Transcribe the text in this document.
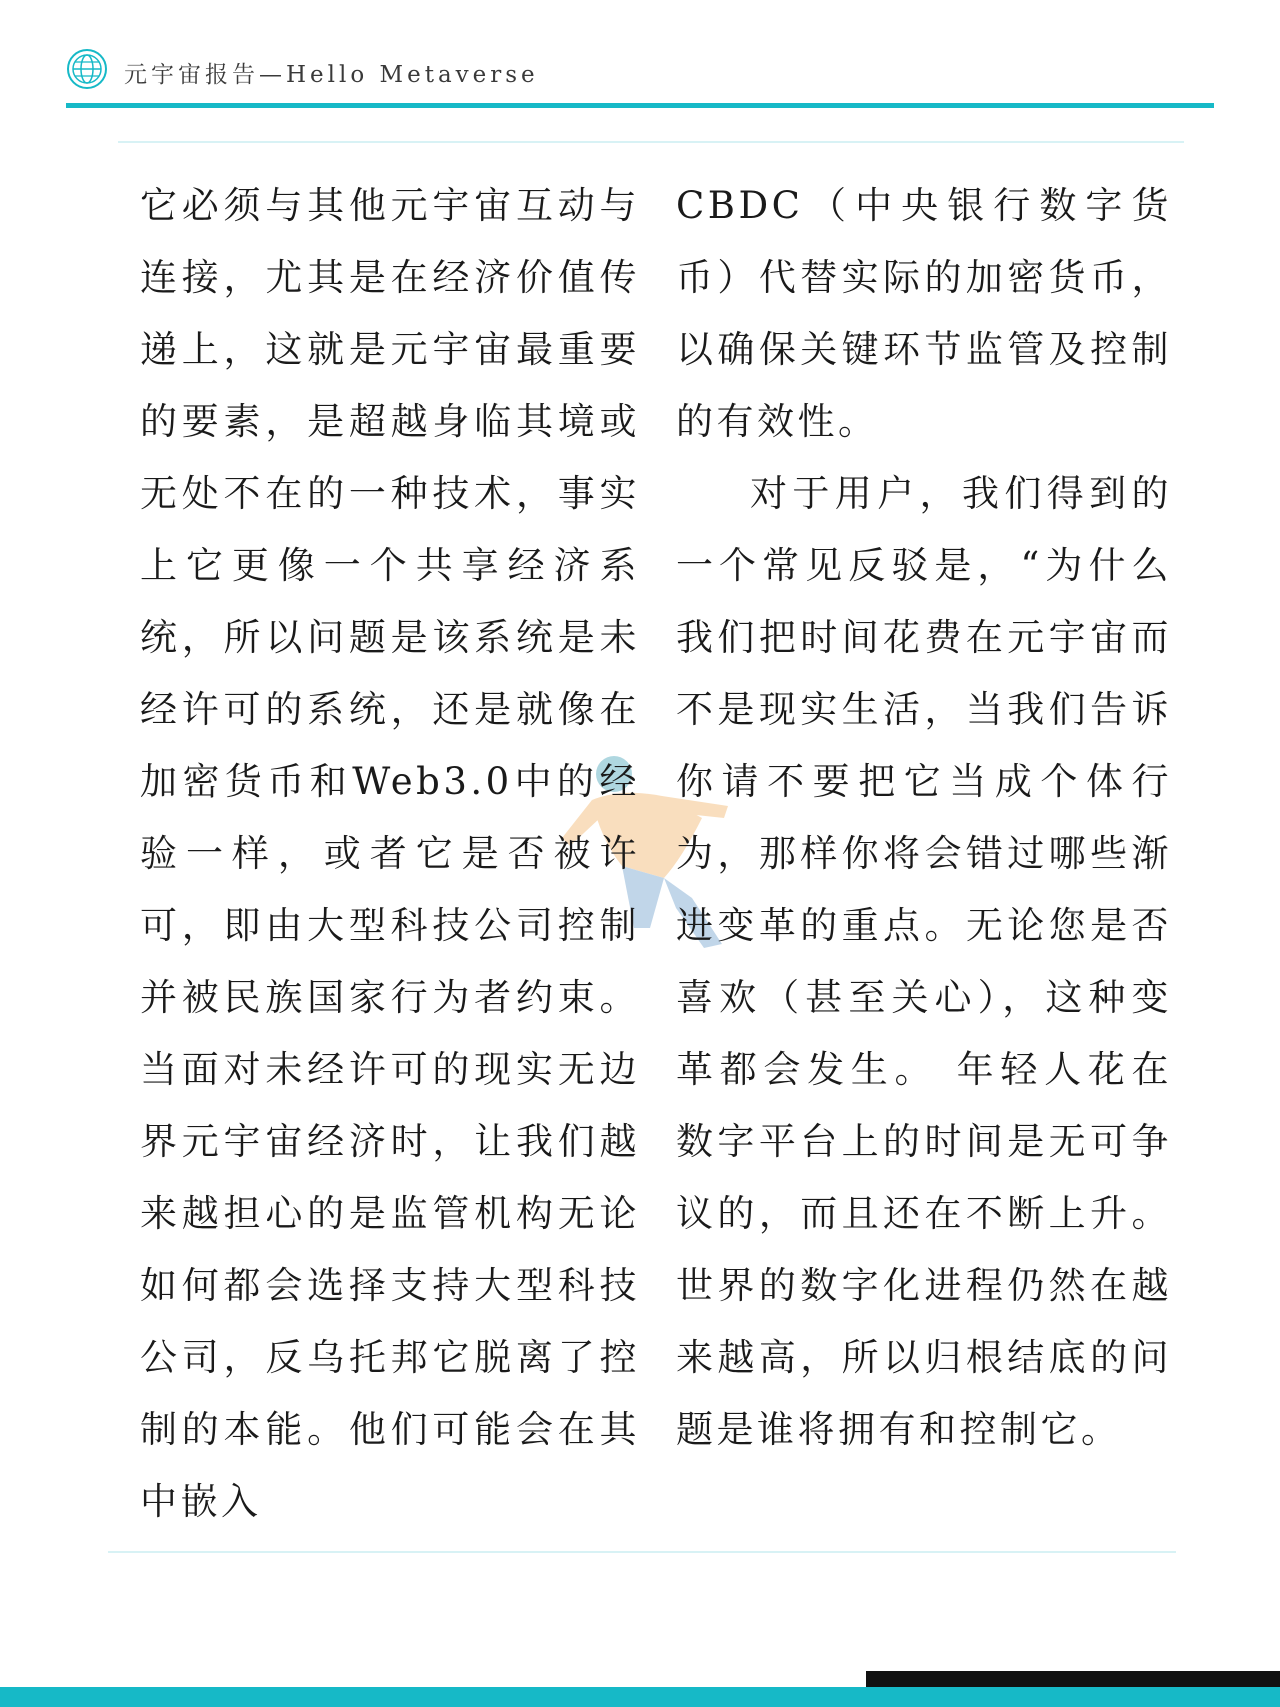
元宇宙报告—Hello Metaverse

它必须与其他元宇宙互动与连接，尤其是在经济价值传递上，这就是元宇宙最重要的要素，是超越身临其境或无处不在的一种技术，事实上它更像一个共享经济系统，所以问题是该系统是未经许可的系统，还是就像在 加密货币和Web3.0中的经验一样，或者它是否被许可，即由大型科技公司控制并被民族国家行为者约束。当面对未经许可的现实无边界元宇宙经济时，让我们越来越担心的是监管机构无论如何都会选择支持大型科技公司，反乌托邦它脱离了控制的本能。他们可能会在其中嵌入

CBDC（中央银行数字货币）代替实际的加密货币，以确保关键环节监管及控制的有效性。

对于用户，我们得到的一个常见反驳是，“为什么我们把时间花费在元宇宙而不是现实生活，当我们告诉你请不要把它当成个体行为，那样你将会错过哪些渐进变革的重点。无论您是否喜欢（甚至关心），这种变革都会发生。 年轻人花在数字平台上的时间是无可争议的，而且还在不断上升。世界的数字化进程仍然在越来越高，所以归根结底的问题是谁将拥有和控制它。
